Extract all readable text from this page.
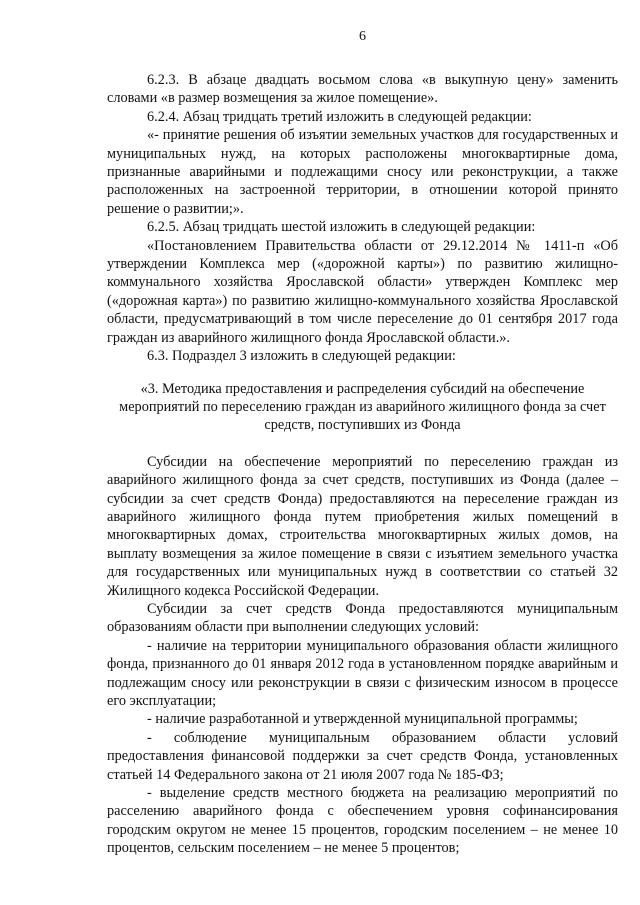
6

6.2.3. В абзаце двадцать восьмом слова «в выкупную цену» заменить словами «в размер возмещения за жилое помещение».

6.2.4. Абзац тридцать третий изложить в следующей редакции:

«- принятие решения об изъятии земельных участков для государственных и муниципальных нужд, на которых расположены многоквартирные дома, признанные аварийными и подлежащими сносу или реконструкции, а также расположенных на застроенной территории, в отношении которой принято решение о развитии;».

6.2.5. Абзац тридцать шестой изложить в следующей редакции:

«Постановлением Правительства области от 29.12.2014 № 1411-п «Об утверждении Комплекса мер («дорожной карты») по развитию жилищно-коммунального хозяйства Ярославской области» утвержден Комплекс мер («дорожная карта») по развитию жилищно-коммунального хозяйства Ярославской области, предусматривающий в том числе переселение до 01 сентября 2017 года граждан из аварийного жилищного фонда Ярославской области.».

6.3. Подраздел 3 изложить в следующей редакции:

«3. Методика предоставления и распределения субсидий на обеспечение мероприятий по переселению граждан из аварийного жилищного фонда за счет средств, поступивших из Фонда

Субсидии на обеспечение мероприятий по переселению граждан из аварийного жилищного фонда за счет средств, поступивших из Фонда (далее – субсидии за счет средств Фонда) предоставляются на переселение граждан из аварийного жилищного фонда путем приобретения жилых помещений в многоквартирных домах, строительства многоквартирных жилых домов, на выплату возмещения за жилое помещение в связи с изъятием земельного участка для государственных или муниципальных нужд в соответствии со статьей 32 Жилищного кодекса Российской Федерации.

Субсидии за счет средств Фонда предоставляются муниципальным образованиям области при выполнении следующих условий:

- наличие на территории муниципального образования области жилищного фонда, признанного до 01 января 2012 года в установленном порядке аварийным и подлежащим сносу или реконструкции в связи с физическим износом в процессе его эксплуатации;

- наличие разработанной и утвержденной муниципальной программы;

- соблюдение муниципальным образованием области условий предоставления финансовой поддержки за счет средств Фонда, установленных статьей 14 Федерального закона от 21 июля 2007 года № 185-ФЗ;

- выделение средств местного бюджета на реализацию мероприятий по расселению аварийного фонда с обеспечением уровня софинансирования городским округом не менее 15 процентов, городским поселением – не менее 10 процентов, сельским поселением – не менее 5 процентов;
